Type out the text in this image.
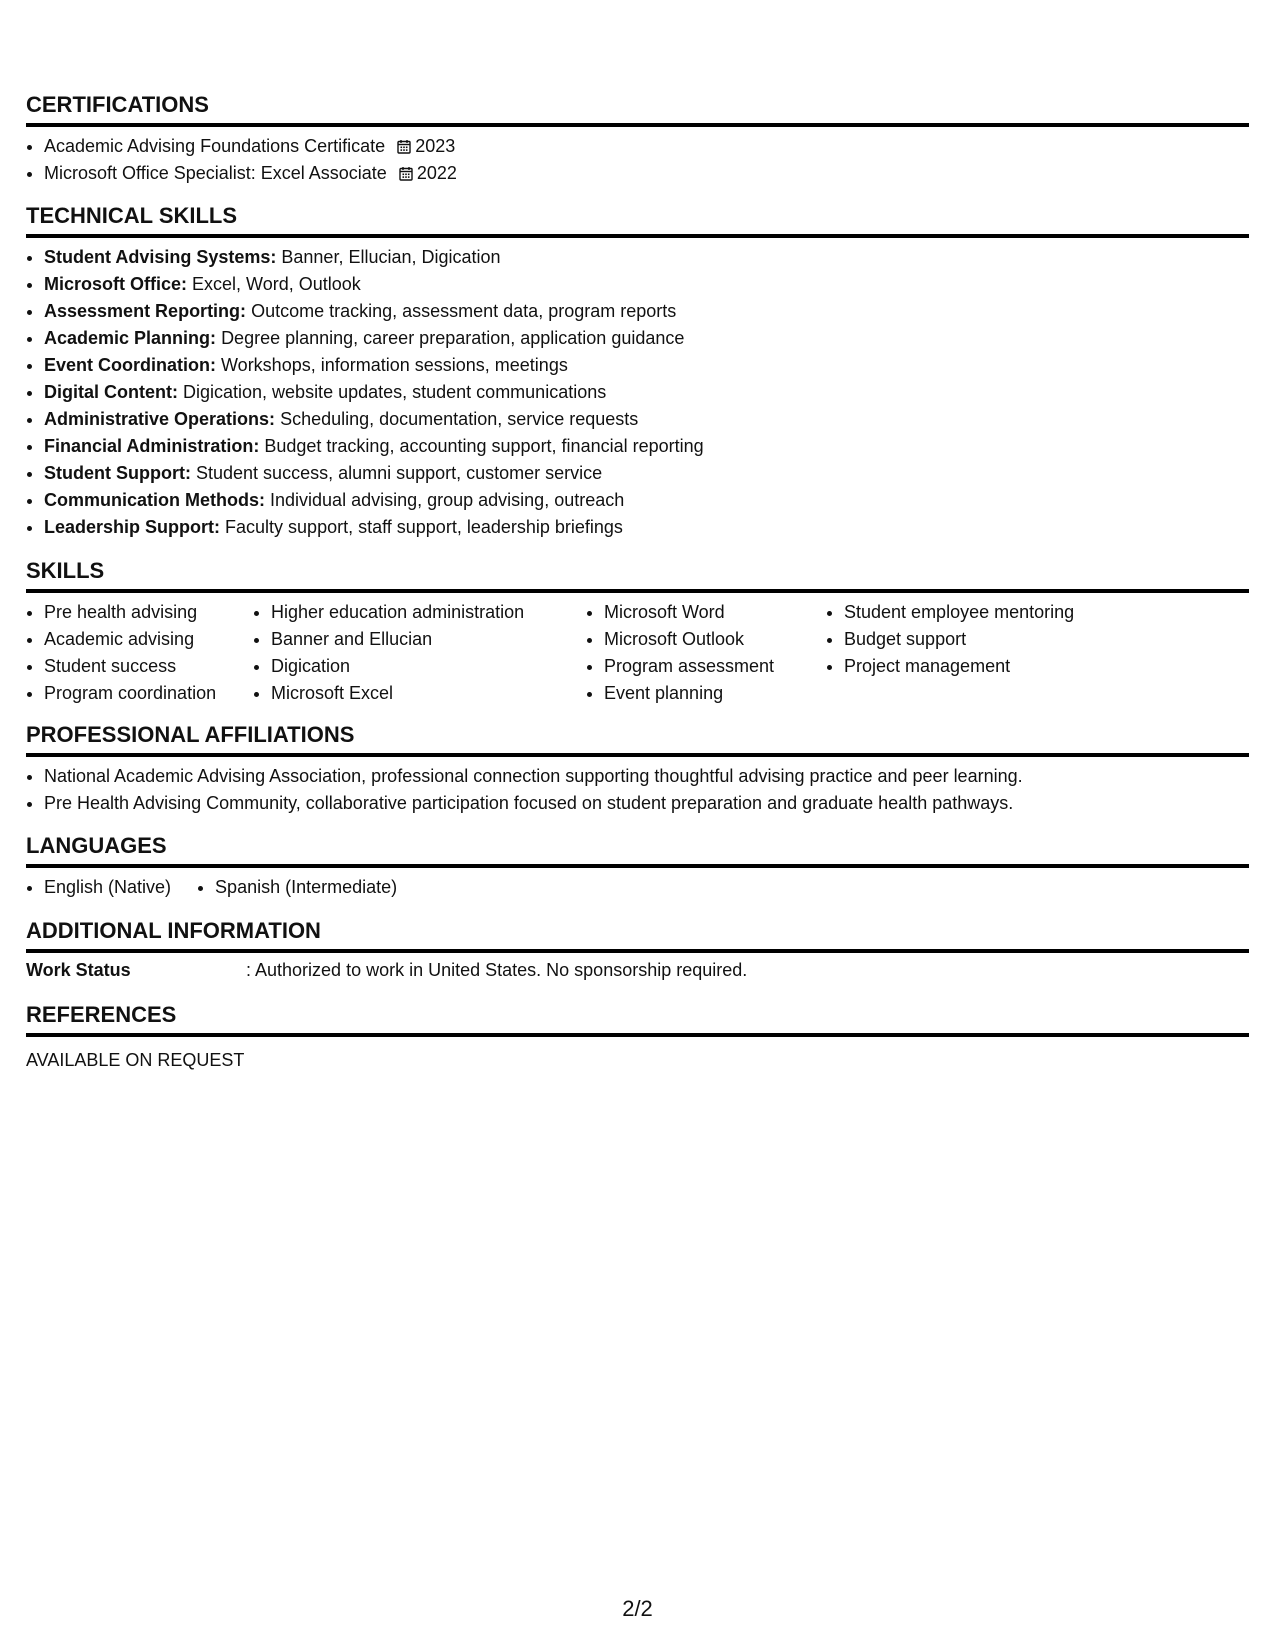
CERTIFICATIONS
• Academic Advising Foundations Certificate 2023
• Microsoft Office Specialist: Excel Associate 2022
TECHNICAL SKILLS
• Student Advising Systems: Banner, Ellucian, Digication
• Microsoft Office: Excel, Word, Outlook
• Assessment Reporting: Outcome tracking, assessment data, program reports
• Academic Planning: Degree planning, career preparation, application guidance
• Event Coordination: Workshops, information sessions, meetings
• Digital Content: Digication, website updates, student communications
• Administrative Operations: Scheduling, documentation, service requests
• Financial Administration: Budget tracking, accounting support, financial reporting
• Student Support: Student success, alumni support, customer service
• Communication Methods: Individual advising, group advising, outreach
• Leadership Support: Faculty support, staff support, leadership briefings
SKILLS
• Pre health advising
• Academic advising
• Student success
• Program coordination
• Higher education administration
• Banner and Ellucian
• Digication
• Microsoft Excel
• Microsoft Word
• Microsoft Outlook
• Program assessment
• Event planning
• Student employee mentoring
• Budget support
• Project management
PROFESSIONAL AFFILIATIONS
• National Academic Advising Association, professional connection supporting thoughtful advising practice and peer learning.
• Pre Health Advising Community, collaborative participation focused on student preparation and graduate health pathways.
LANGUAGES
• English (Native)
• Spanish (Intermediate)
ADDITIONAL INFORMATION
Work Status	: Authorized to work in United States. No sponsorship required.
REFERENCES
AVAILABLE ON REQUEST
2/2
